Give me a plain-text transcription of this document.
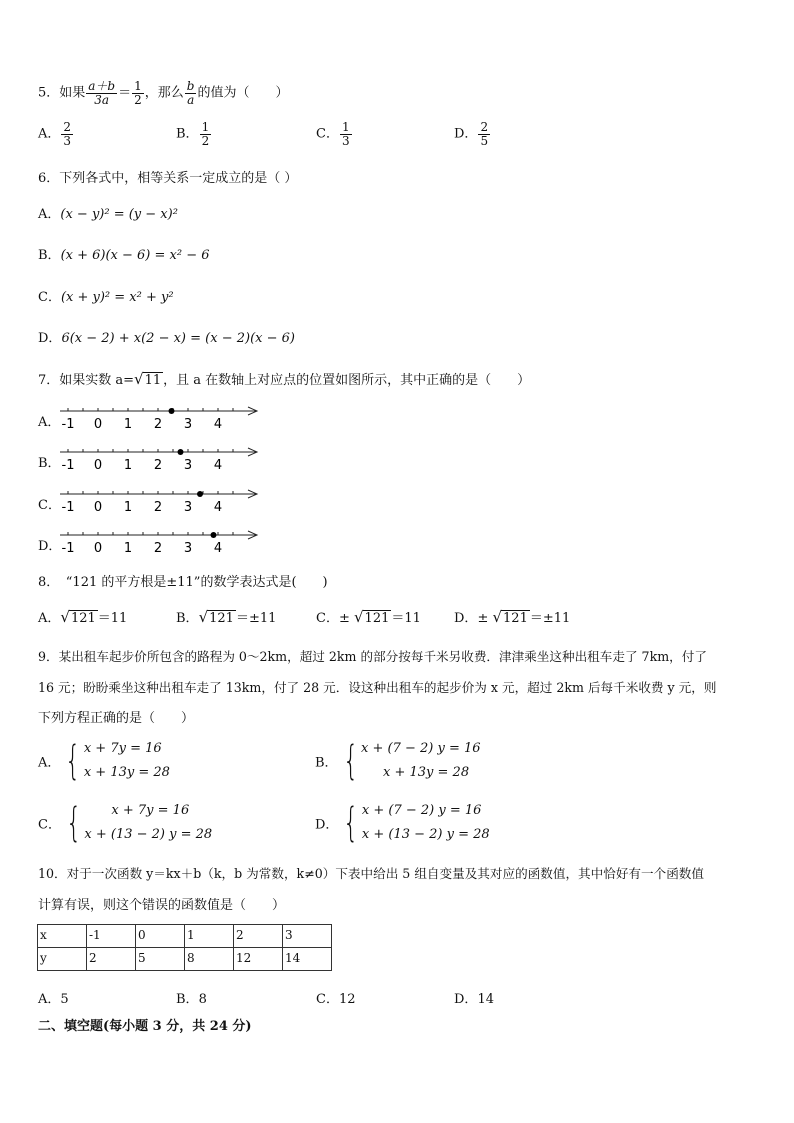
5．如果 $\frac{a+b}{3a} = \frac{1}{2}$ ，那么 $\frac{b}{a}$ 的值为（　　）
A． $\frac{2}{3}$	B． $\frac{1}{2}$	C． $\frac{1}{3}$	D． $\frac{2}{5}$
6．下列各式中，相等关系一定成立的是（ ）
A．(x − y)² = (y − x)²
B．(x + 6)(x − 6) = x² − 6
C．(x + y)² = x² + y²
D．6(x − 2) + x(2 − x) = (x − 2)(x − 6)
7．如果实数 a=√11 ，且 a 在数轴上对应点的位置如图所示，其中正确的是（　　）
A． -1 0 1 2 3 4
B． -1 0 1 2 3 4
C． -1 0 1 2 3 4
D． -1 0 1 2 3 4
8．　“121 的平方根是±11”的数学表达式是(　　)
A．√121 ＝11	B．√121 ＝±11	C．± √121 ＝11	D．± √121 ＝±11
9．某出租车起步价所包含的路程为 0～2km，超过 2km 的部分按每千米另收费．津津乘坐这种出租车走了 7km，付了
16 元；盼盼乘坐这种出租车走了 13km，付了 28 元．设这种出租车的起步价为 x 元，超过 2km 后每千米收费 y 元，则
下列方程正确的是（　　）
A． { x + 7y = 16
x + 13y = 28
B． { x + (7 − 2) y = 16
x + 13y = 28
C． {	x + 7y = 16
x + (13 − 2) y = 28
D． { x + (7 − 2) y = 16
x + (13 − 2) y = 28
10．对于一次函数 y＝kx＋b（k，b 为常数，k≠0）下表中给出 5 组自变量及其对应的函数值，其中恰好有一个函数值
计算有误，则这个错误的函数值是（　　）
x	-1	0	1	2	3
y	2	5	8	12	14
A．5	B．8	C．12	D．14
二、填空题(每小题 3 分，共 24 分)
